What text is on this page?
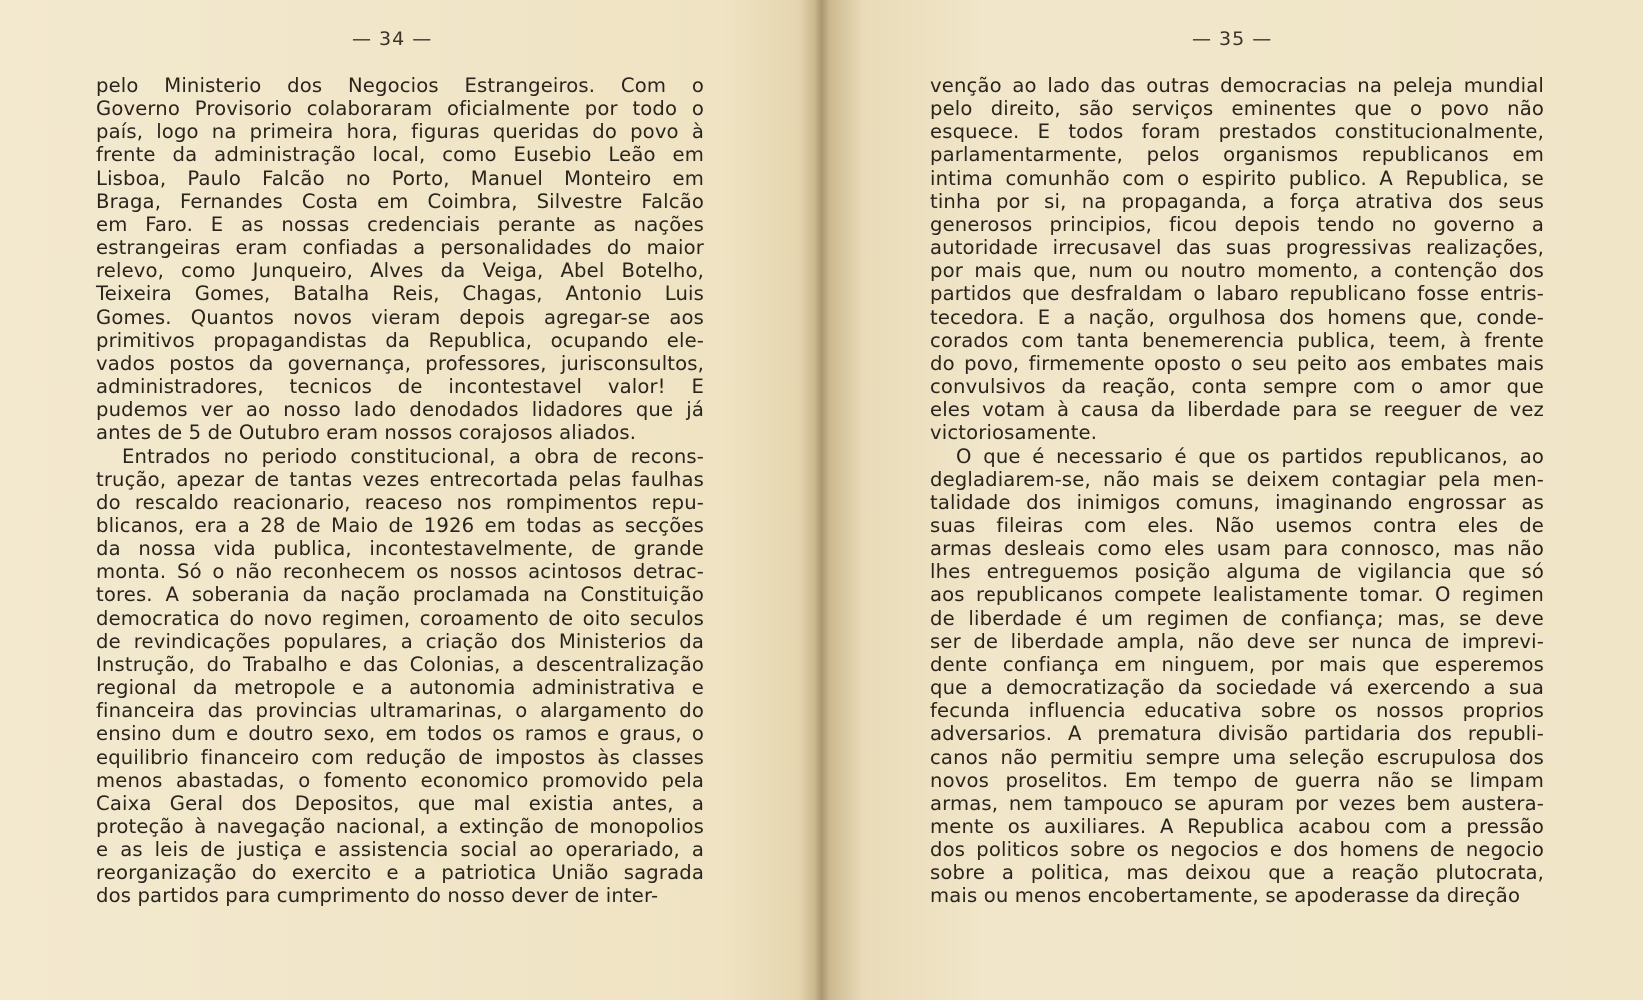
— 34 —
pelo Ministerio dos Negocios Estrangeiros. Com o
Governo Provisorio colaboraram oficialmente por todo o
país, logo na primeira hora, figuras queridas do povo à
frente da administração local, como Eusebio Leão em
Lisboa, Paulo Falcão no Porto, Manuel Monteiro em
Braga, Fernandes Costa em Coimbra, Silvestre Falcão
em Faro. E as nossas credenciais perante as nações
estrangeiras eram confiadas a personalidades do maior
relevo, como Junqueiro, Alves da Veiga, Abel Botelho,
Teixeira Gomes, Batalha Reis, Chagas, Antonio Luis
Gomes. Quantos novos vieram depois agregar-se aos
primitivos propagandistas da Republica, ocupando ele-
vados postos da governança, professores, jurisconsultos,
administradores, tecnicos de incontestavel valor! E
pudemos ver ao nosso lado denodados lidadores que já
antes de 5 de Outubro eram nossos corajosos aliados.
Entrados no periodo constitucional, a obra de recons-
trução, apezar de tantas vezes entrecortada pelas faulhas
do rescaldo reacionario, reaceso nos rompimentos repu-
blicanos, era a 28 de Maio de 1926 em todas as secções
da nossa vida publica, incontestavelmente, de grande
monta. Só o não reconhecem os nossos acintosos detrac-
tores. A soberania da nação proclamada na Constituição
democratica do novo regimen, coroamento de oito seculos
de revindicações populares, a criação dos Ministerios da
Instrução, do Trabalho e das Colonias, a descentralização
regional da metropole e a autonomia administrativa e
financeira das provincias ultramarinas, o alargamento do
ensino dum e doutro sexo, em todos os ramos e graus, o
equilibrio financeiro com redução de impostos às classes
menos abastadas, o fomento economico promovido pela
Caixa Geral dos Depositos, que mal existia antes, a
proteção à navegação nacional, a extinção de monopolios
e as leis de justiça e assistencia social ao operariado, a
reorganização do exercito e a patriotica União sagrada
dos partidos para cumprimento do nosso dever de inter-
— 35 —
venção ao lado das outras democracias na peleja mundial
pelo direito, são serviços eminentes que o povo não
esquece. E todos foram prestados constitucionalmente,
parlamentarmente, pelos organismos republicanos em
intima comunhão com o espirito publico. A Republica, se
tinha por si, na propaganda, a força atrativa dos seus
generosos principios, ficou depois tendo no governo a
autoridade irrecusavel das suas progressivas realizações,
por mais que, num ou noutro momento, a contenção dos
partidos que desfraldam o labaro republicano fosse entris-
tecedora. E a nação, orgulhosa dos homens que, conde-
corados com tanta benemerencia publica, teem, à frente
do povo, firmemente oposto o seu peito aos embates mais
convulsivos da reação, conta sempre com o amor que
eles votam à causa da liberdade para se reeguer de vez
victoriosamente.
O que é necessario é que os partidos republicanos, ao
degladiarem-se, não mais se deixem contagiar pela men-
talidade dos inimigos comuns, imaginando engrossar as
suas fileiras com eles. Não usemos contra eles de
armas desleais como eles usam para connosco, mas não
lhes entreguemos posição alguma de vigilancia que só
aos republicanos compete lealistamente tomar. O regimen
de liberdade é um regimen de confiança; mas, se deve
ser de liberdade ampla, não deve ser nunca de imprevi-
dente confiança em ninguem, por mais que esperemos
que a democratização da sociedade vá exercendo a sua
fecunda influencia educativa sobre os nossos proprios
adversarios. A prematura divisão partidaria dos republi-
canos não permitiu sempre uma seleção escrupulosa dos
novos proselitos. Em tempo de guerra não se limpam
armas, nem tampouco se apuram por vezes bem austera-
mente os auxiliares. A Republica acabou com a pressão
dos politicos sobre os negocios e dos homens de negocio
sobre a politica, mas deixou que a reação plutocrata,
mais ou menos encobertamente, se apoderasse da direção
